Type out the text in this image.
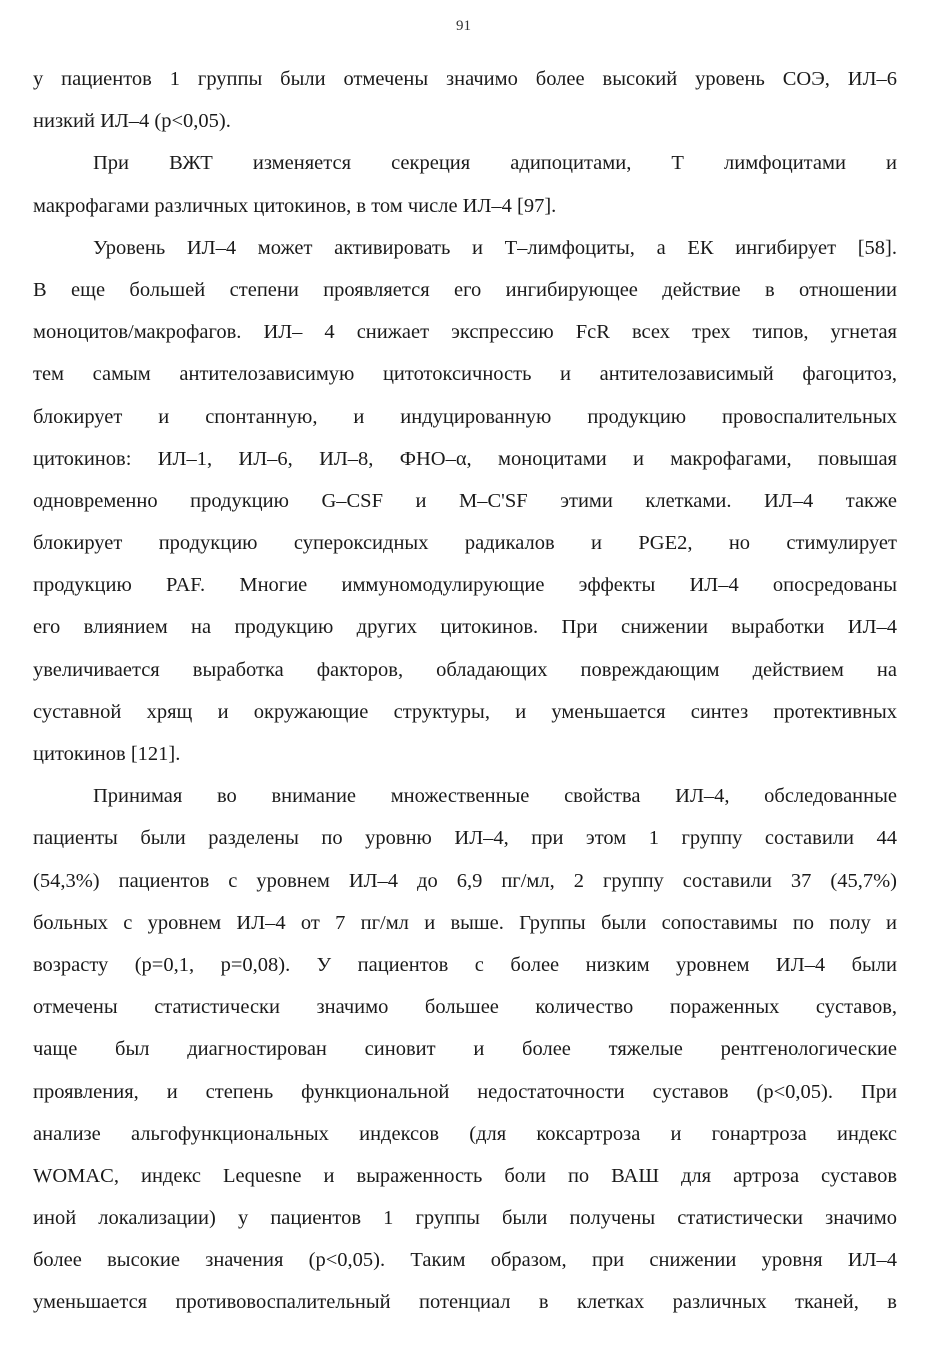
91
у пациентов 1 группы были отмечены значимо более высокий уровень СОЭ, ИЛ–6
низкий ИЛ–4 (р<0,05).
При ВЖТ изменяется секреция адипоцитами, Т лимфоцитами и
макрофагами различных цитокинов, в том числе ИЛ–4 [97].
Уровень ИЛ–4 может активировать и Т–лимфоциты, а ЕК ингибирует [58].
В еще большей степени проявляется его ингибирующее действие в отношении
моноцитов/макрофагов. ИЛ– 4 снижает экспрессию FcR всех трех типов, угнетая
тем самым антителозависимую цитотоксичность и антителозависимый фагоцитоз,
блокирует и спонтанную, и индуцированную продукцию провоспалительных
цитокинов: ИЛ–1, ИЛ–6, ИЛ–8, ФНО–α, моноцитами и макрофагами, повышая
одновременно продукцию G–CSF и M–C'SF этими клетками. ИЛ–4 также
блокирует продукцию супероксидных радикалов и PGE2, но стимулирует
продукцию PAF. Многие иммуномодулирующие эффекты ИЛ–4 опосредованы
его влиянием на продукцию других цитокинов. При снижении выработки ИЛ–4
увеличивается выработка факторов, обладающих повреждающим действием на
суставной хрящ и окружающие структуры, и уменьшается синтез протективных
цитокинов [121].
Принимая во внимание множественные свойства ИЛ–4, обследованные
пациенты были разделены по уровню ИЛ–4, при этом 1 группу составили 44
(54,3%) пациентов с уровнем ИЛ–4 до 6,9 пг/мл, 2 группу составили 37 (45,7%)
больных с уровнем ИЛ–4 от 7 пг/мл и выше. Группы были сопоставимы по полу и
возрасту (р=0,1, р=0,08). У пациентов с более низким уровнем ИЛ–4 были
отмечены статистически значимо большее количество пораженных суставов,
чаще был диагностирован синовит и более тяжелые рентгенологические
проявления, и степень функциональной недостаточности суставов (р<0,05). При
анализе альгофункциональных индексов (для коксартроза и гонартроза индекс
WOMAC, индекс Lequesne и выраженность боли по ВАШ для артроза суставов
иной локализации) у пациентов 1 группы были получены статистически значимо
более высокие значения (р<0,05). Таким образом, при снижении уровня ИЛ–4
уменьшается противовоспалительный потенциал в клетках различных тканей, в
